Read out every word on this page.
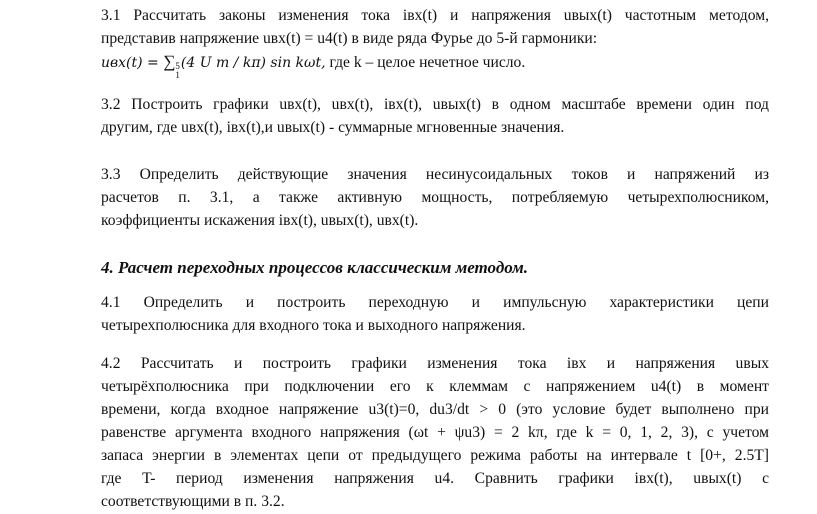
3.1 Рассчитать законы изменения тока iвх(t) и напряжения uвых(t) частотным методом,
представив напряжение uвх(t) = u4(t) в виде ряда Фурье до 5-й гармоники:
uвх(t) = ∑ 5
1
(4 U m / kπ) sin kωt, где k – целое нечетное число.
3.2 Построить графики uвх(t), uвх(t), iвх(t), uвых(t) в одном масштабе времени один под
другим, где uвх(t), iвх(t),и uвых(t) - суммарные мгновенные значения.
3.3 Определить действующие значения несинусоидальных токов и напряжений из
расчетов п. 3.1, а также активную мощность, потребляемую четырехполюсником,
коэффициенты искажения iвх(t), uвых(t), uвх(t).
4. Расчет переходных процессов классическим методом.
4.1 Определить и построить переходную и импульсную характеристики цепи
четырехполюсника для входного тока и выходного напряжения.
4.2 Рассчитать и построить графики изменения тока iвх и напряжения uвых
четырёхполюсника при подключении его к клеммам с напряжением u4(t) в момент
времени, когда входное напряжение u3(t)=0, du3/dt > 0 (это условие будет выполнено при
равенстве аргумента входного напряжения (ωt + ψu3) = 2 kπ, где k = 0, 1, 2, 3), с учетом
запаса энергии в элементах цепи от предыдущего режима работы на интервале t [0+, 2.5T]
где T- период изменения напряжения u4. Сравнить графики iвх(t), uвых(t) с
соответствующими в п. 3.2.
